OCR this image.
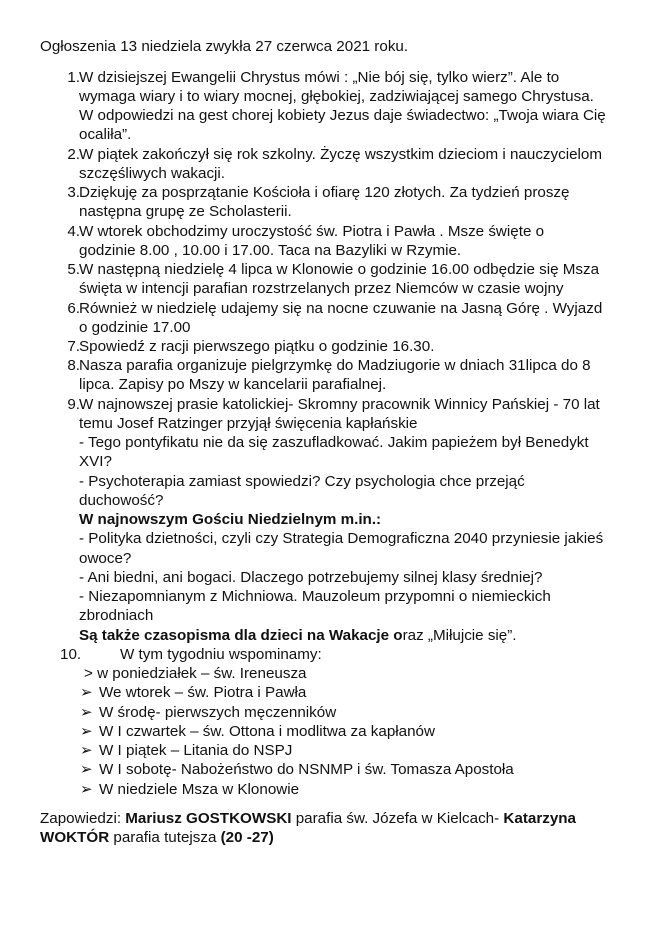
Ogłoszenia 13 niedziela zwykła 27 czerwca 2021 roku.
1. W dzisiejszej Ewangelii Chrystus mówi : „Nie bój się, tylko wierz”. Ale to
wymaga wiary i to wiary mocnej, głębokiej, zadziwiającej samego Chrystusa.
W odpowiedzi na gest chorej kobiety Jezus daje świadectwo: „Twoja wiara Cię
ocaliła”.
2. W piątek zakończył się rok szkolny. Życzę wszystkim dzieciom i nauczycielom
szczęśliwych wakacji.
3. Dziękuję za posprzątanie Kościoła i ofiarę 120 złotych. Za tydzień proszę
następna grupę ze Scholasterii.
4. W wtorek obchodzimy uroczystość św. Piotra i Pawła . Msze święte o
godzinie 8.00 , 10.00 i 17.00. Taca na Bazyliki w Rzymie.
5. W następną niedzielę 4 lipca w Klonowie o godzinie 16.00 odbędzie się Msza
święta w intencji parafian rozstrzelanych przez Niemców w czasie wojny
6. Również w niedzielę udajemy się na nocne czuwanie na Jasną Górę . Wyjazd
o godzinie 17.00
7. Spowiedź z racji pierwszego piątku o godzinie 16.30.
8. Nasza parafia organizuje pielgrzymkę do Madziugorie w dniach 31lipca do 8
lipca. Zapisy po Mszy w kancelarii parafialnej.
9. W najnowszej prasie katolickiej- Skromny pracownik Winnicy Pańskiej - 70 lat
temu Josef Ratzinger przyjął święcenia kapłańskie
- Tego pontyfikatu nie da się zaszufladkować. Jakim papieżem był Benedykt
XVI?
- Psychoterapia zamiast spowiedzi? Czy psychologia chce przejąć
duchowość?
W najnowszym Gościu Niedzielnym m.in.:
- Polityka dzietności, czyli czy Strategia Demograficzna 2040 przyniesie jakieś
owoce?
- Ani biedni, ani bogaci. Dlaczego potrzebujemy silnej klasy średniej?
- Niezapomnianym z Michniowa. Mauzoleum przypomni o niemieckich
zbrodniach
Są także czasopisma dla dzieci na Wakacje oraz „Miłujcie się”.
10.	W tym tygodniu wspominamy:
> w poniedziałek – św. Ireneusza
➢ We wtorek – św. Piotra i Pawła
➢ W środę- pierwszych męczenników
➢ W I czwartek – św. Ottona i modlitwa za kapłanów
➢ W I piątek – Litania do NSPJ
➢ W I sobotę- Nabożeństwo do NSNMP i św. Tomasza Apostoła
➢ W niedziele Msza w Klonowie
Zapowiedzi: Mariusz GOSTKOWSKI parafia św. Józefa w Kielcach- Katarzyna
WOKTÓR parafia tutejsza (20 -27)
